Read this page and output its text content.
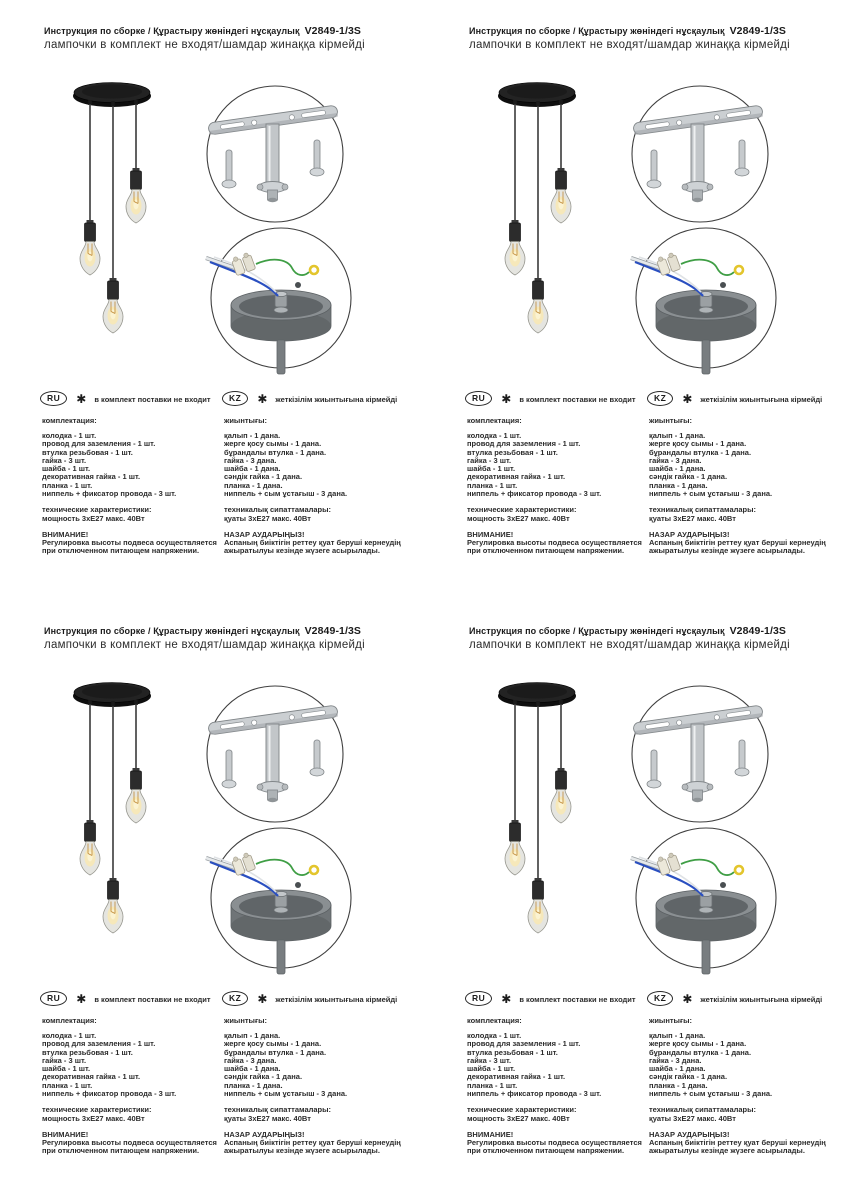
Инструкция по сборке / Құрастыру жөніндегі нұсқаулық V2849-1/3S
лампочки в комплект не входят/шамдар жинаққа кірмейді
RU	✱ в комплект поставки не входит	KZ	✱ жеткізілім жиынтығына кірмейді
комплектация:
колодка - 1 шт.
провод для заземления - 1 шт.
втулка резьбовая - 1 шт.
гайка - 3 шт.
шайба - 1 шт.
декоративная гайка - 1 шт.
планка - 1 шт.
ниппель + фиксатор провода - 3 шт.
технические характеристики:
мощность 3хЕ27 макс. 40Вт
ВНИМАНИЕ!
Регулировка высоты подвеса осуществляется при отключенном питающем напряжении.
жиынтығы:
қалып - 1 дана.
жерге қосу сымы - 1 дана.
бұрандалы втулка - 1 дана.
гайка - 3 дана.
шайба - 1 дана.
сәндік гайка - 1 дана.
планка - 1 дана.
ниппель + сым ұстағыш - 3 дана.
техникалық сипаттамалары:
қуаты 3хЕ27 макс. 40Вт
НАЗАР АУДАРЫҢЫЗ!
Аспаның биіктігін реттеу қуат беруші кернеудің ажыратылуы кезінде жүзеге асырылады.
Инструкция по сборке / Құрастыру жөніндегі нұсқаулық V2849-1/3S
лампочки в комплект не входят/шамдар жинаққа кірмейді
RU	✱ в комплект поставки не входит	KZ	✱ жеткізілім жиынтығына кірмейді
комплектация:
колодка - 1 шт.
провод для заземления - 1 шт.
втулка резьбовая - 1 шт.
гайка - 3 шт.
шайба - 1 шт.
декоративная гайка - 1 шт.
планка - 1 шт.
ниппель + фиксатор провода - 3 шт.
технические характеристики:
мощность 3хЕ27 макс. 40Вт
ВНИМАНИЕ!
Регулировка высоты подвеса осуществляется при отключенном питающем напряжении.
жиынтығы:
қалып - 1 дана.
жерге қосу сымы - 1 дана.
бұрандалы втулка - 1 дана.
гайка - 3 дана.
шайба - 1 дана.
сәндік гайка - 1 дана.
планка - 1 дана.
ниппель + сым ұстағыш - 3 дана.
техникалық сипаттамалары:
қуаты 3хЕ27 макс. 40Вт
НАЗАР АУДАРЫҢЫЗ!
Аспаның биіктігін реттеу қуат беруші кернеудің ажыратылуы кезінде жүзеге асырылады.
Инструкция по сборке / Құрастыру жөніндегі нұсқаулық V2849-1/3S
лампочки в комплект не входят/шамдар жинаққа кірмейді
RU	✱ в комплект поставки не входит	KZ	✱ жеткізілім жиынтығына кірмейді
комплектация:
колодка - 1 шт.
провод для заземления - 1 шт.
втулка резьбовая - 1 шт.
гайка - 3 шт.
шайба - 1 шт.
декоративная гайка - 1 шт.
планка - 1 шт.
ниппель + фиксатор провода - 3 шт.
технические характеристики:
мощность 3хЕ27 макс. 40Вт
ВНИМАНИЕ!
Регулировка высоты подвеса осуществляется при отключенном питающем напряжении.
жиынтығы:
қалып - 1 дана.
жерге қосу сымы - 1 дана.
бұрандалы втулка - 1 дана.
гайка - 3 дана.
шайба - 1 дана.
сәндік гайка - 1 дана.
планка - 1 дана.
ниппель + сым ұстағыш - 3 дана.
техникалық сипаттамалары:
қуаты 3хЕ27 макс. 40Вт
НАЗАР АУДАРЫҢЫЗ!
Аспаның биіктігін реттеу қуат беруші кернеудің ажыратылуы кезінде жүзеге асырылады.
Инструкция по сборке / Құрастыру жөніндегі нұсқаулық V2849-1/3S
лампочки в комплект не входят/шамдар жинаққа кірмейді
RU	✱ в комплект поставки не входит	KZ	✱ жеткізілім жиынтығына кірмейді
комплектация:
колодка - 1 шт.
провод для заземления - 1 шт.
втулка резьбовая - 1 шт.
гайка - 3 шт.
шайба - 1 шт.
декоративная гайка - 1 шт.
планка - 1 шт.
ниппель + фиксатор провода - 3 шт.
технические характеристики:
мощность 3хЕ27 макс. 40Вт
ВНИМАНИЕ!
Регулировка высоты подвеса осуществляется при отключенном питающем напряжении.
жиынтығы:
қалып - 1 дана.
жерге қосу сымы - 1 дана.
бұрандалы втулка - 1 дана.
гайка - 3 дана.
шайба - 1 дана.
сәндік гайка - 1 дана.
планка - 1 дана.
ниппель + сым ұстағыш - 3 дана.
техникалық сипаттамалары:
қуаты 3хЕ27 макс. 40Вт
НАЗАР АУДАРЫҢЫЗ!
Аспаның биіктігін реттеу қуат беруші кернеудің ажыратылуы кезінде жүзеге асырылады.
